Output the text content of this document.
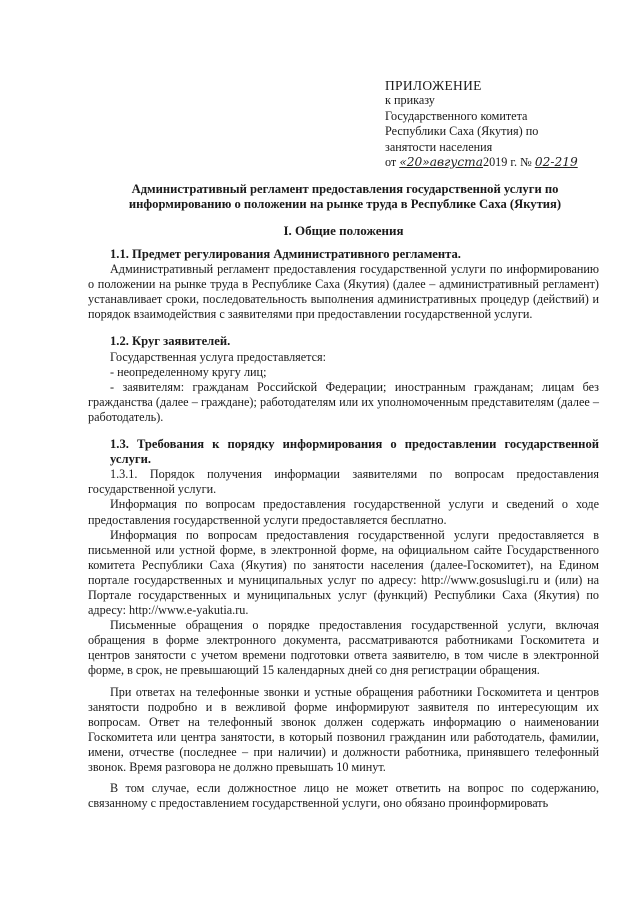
ПРИЛОЖЕНИЕ
к приказу
Государственного комитета
Республики Саха (Якутия) по
занятости населения
от «20»августа2019 г. № 02-219
Административный регламент предоставления государственной услуги по информированию о положении на рынке труда в Республике Саха (Якутия)
I. Общие положения
1.1. Предмет регулирования Административного регламента.

Административный регламент предоставления государственной услуги по информированию о положении на рынке труда в Республике Саха (Якутия) (далее – административный регламент) устанавливает сроки, последовательность выполнения административных процедур (действий) и порядок взаимодействия с заявителями при предоставлении государственной услуги.

1.2. Круг заявителей.

Государственная услуга предоставляется:

- неопределенному кругу лиц;

- заявителям: гражданам Российской Федерации; иностранным гражданам; лицам без гражданства (далее – граждане); работодателям или их уполномоченным представителям (далее – работодатель).

1.3. Требования к порядку информирования о предоставлении государственной услуги.

1.3.1. Порядок получения информации заявителями по вопросам предоставления государственной услуги.

Информация по вопросам предоставления государственной услуги и сведений о ходе предоставления государственной услуги предоставляется бесплатно.

Информация по вопросам предоставления государственной услуги предоставляется в письменной или устной форме, в электронной форме, на официальном сайте Государственного комитета Республики Саха (Якутия) по занятости населения (далее-Госкомитет), на Едином портале государственных и муниципальных услуг по адресу: http://www.gosuslugi.ru и (или) на Портале государственных и муниципальных услуг (функций) Республики Саха (Якутия) по адресу: http://www.e-yakutia.ru.

Письменные обращения о порядке предоставления государственной услуги, включая обращения в форме электронного документа, рассматриваются работниками Госкомитета и центров занятости с учетом времени подготовки ответа заявителю, в том числе в электронной форме, в срок, не превышающий 15 календарных дней со дня регистрации обращения.

При ответах на телефонные звонки и устные обращения работники Госкомитета и центров занятости подробно и в вежливой форме информируют заявителя по интересующим их вопросам. Ответ на телефонный звонок должен содержать информацию о наименовании Госкомитета или центра занятости, в который позвонил гражданин или работодатель, фамилии, имени, отчестве (последнее – при наличии) и должности работника, принявшего телефонный звонок. Время разговора не должно превышать 10 минут.

В том случае, если должностное лицо не может ответить на вопрос по содержанию, связанному с предоставлением государственной услуги, оно обязано проинформировать
